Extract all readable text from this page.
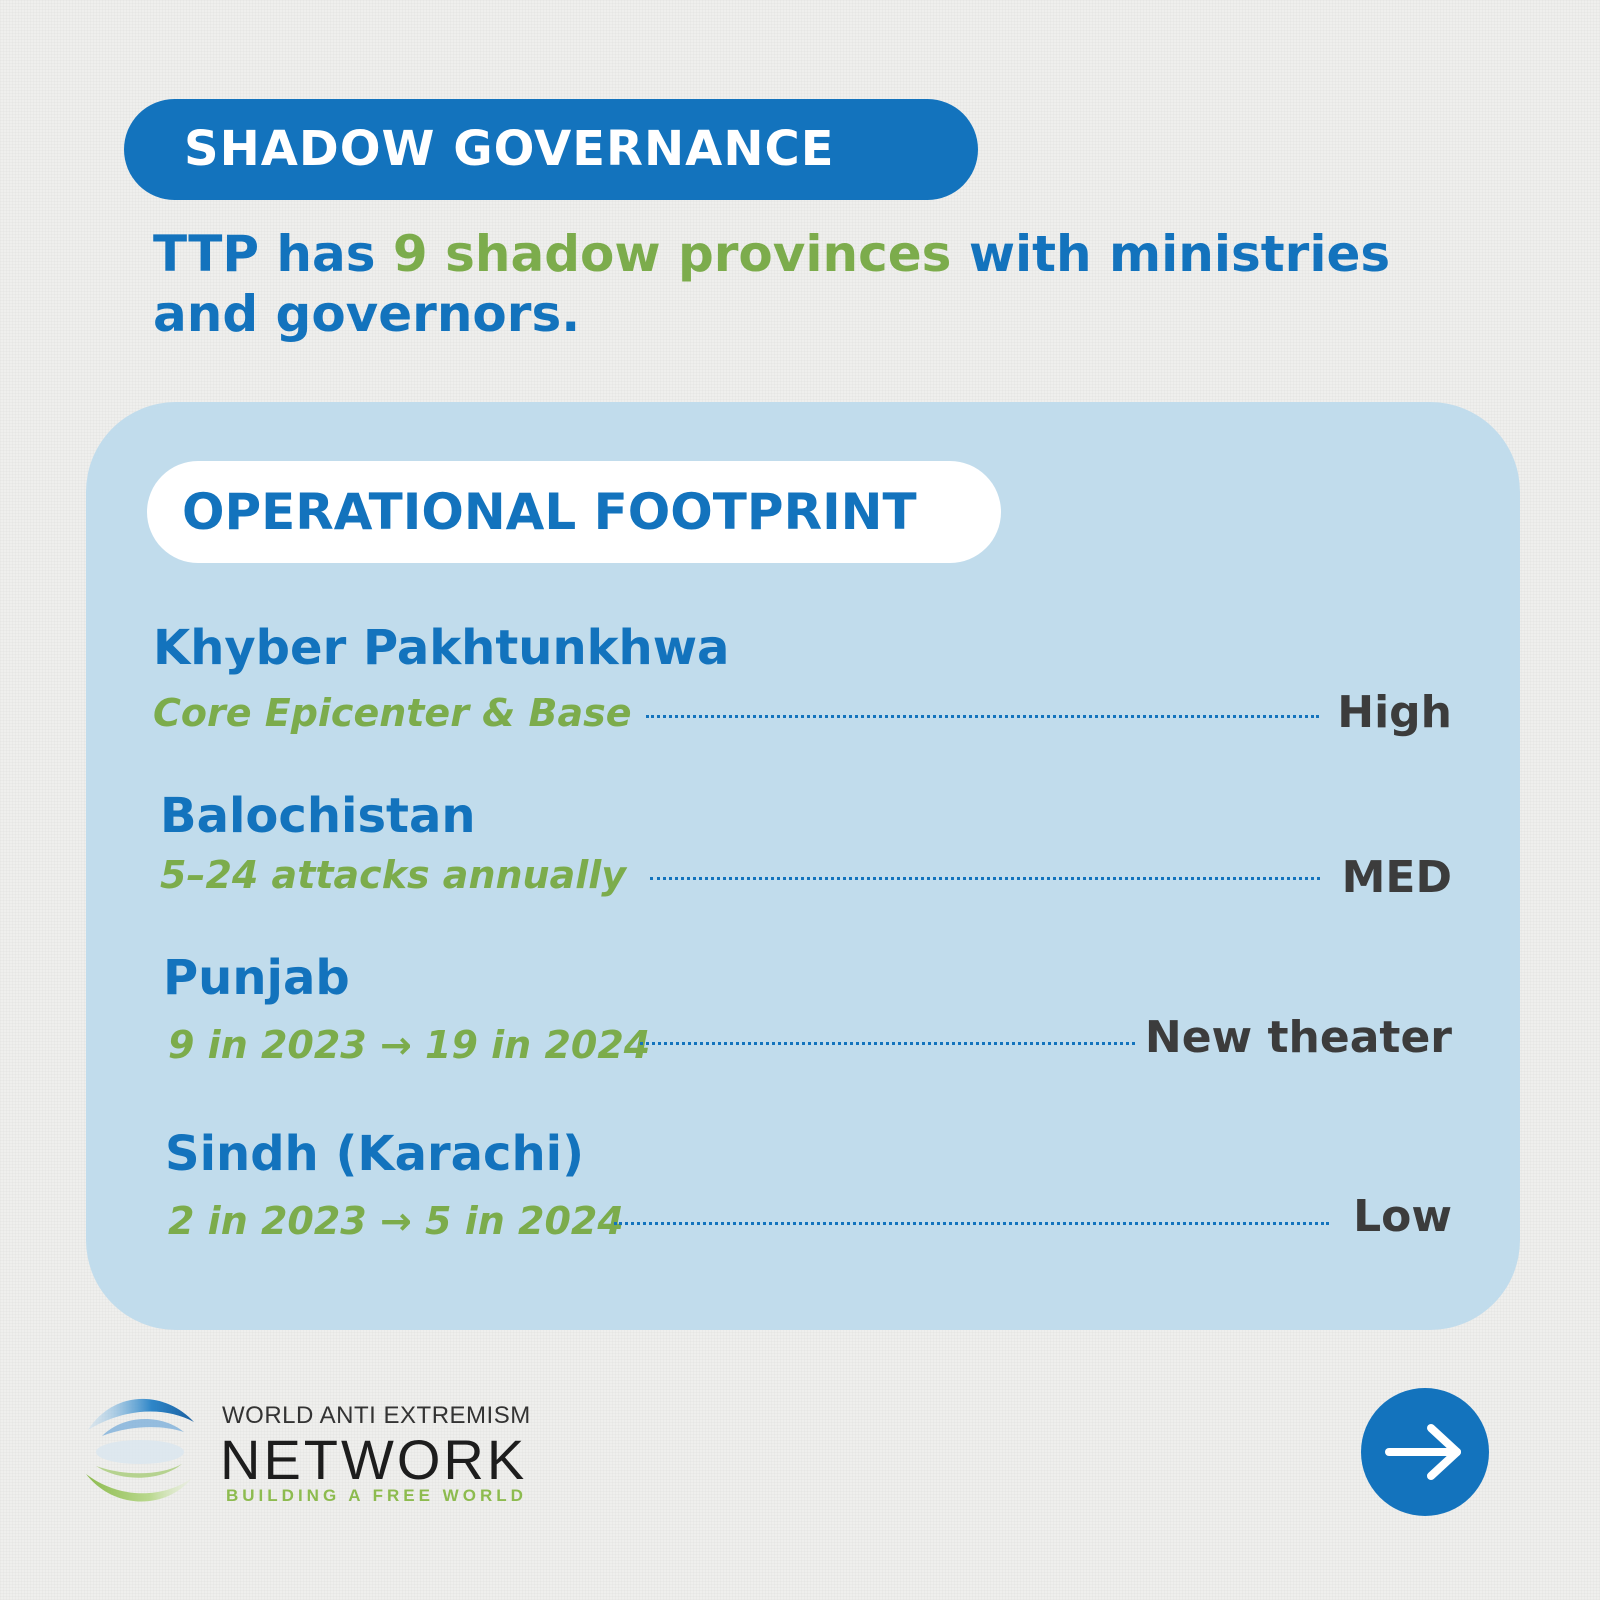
SHADOW GOVERNANCE

TTP has 9 shadow provinces with ministries and governors.

OPERATIONAL FOOTPRINT
Khyber Pakhtunkhwa
Core Epicenter & Base	High
Balochistan
5–24 attacks annually	MED
Punjab
9 in 2023 → 19 in 2024	New theater
Sindh (Karachi)
2 in 2023 → 5 in 2024	Low
WORLD ANTI EXTREMISM
NETWORK
BUILDING A FREE WORLD
